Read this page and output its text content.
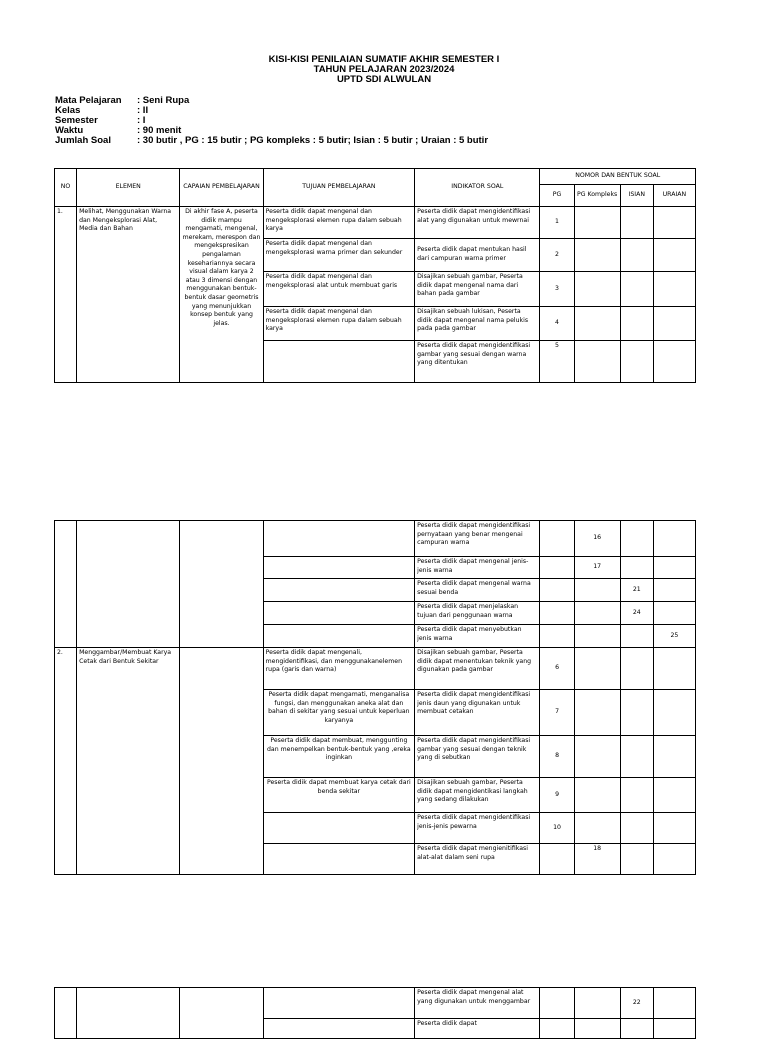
KISI-KISI PENILAIAN SUMATIF AKHIR SEMESTER I
TAHUN PELAJARAN 2023/2024
UPTD SDI ALWULAN
Mata Pelajaran	: Seni Rupa
Kelas	: II
Semester	: I
Waktu	: 90 menit
Jumlah Soal	: 30 butir , PG : 15 butir ; PG kompleks : 5 butir; Isian : 5 butir ; Uraian : 5 butir
NO	ELEMEN	CAPAIAN PEMBELAJARAN	TUJUAN PEMBELAJARAN	INDIKATOR SOAL	NOMOR DAN BENTUK SOAL			
					PG	PG Kompleks	ISIAN	URAIAN
1.	Melihat, Menggunakan Warna dan Mengeksplorasi Alat, Media dan Bahan	Di akhir fase A, peserta didik mampu mengamati, mengenal, merekam, merespon dan mengekspresikan pengalaman kesehariannya secara visual dalam karya 2 atau 3 dimensi dengan menggunakan bentuk-bentuk dasar geometris yang menunjukkan konsep bentuk yang jelas.	Peserta didik dapat mengenal dan mengeksplorasi elemen rupa dalam sebuah karya	Peserta didik dapat mengidentifikasi alat yang digunakan untuk mewrnai	1			
			Peserta didik dapat mengenal dan mengeksplorasi warna primer dan sekunder	Peserta didik dapat mentukan hasil dari campuran warna primer	2			
			Peserta didik dapat mengenal dan mengeksplorasi alat untuk membuat garis	Disajikan sebuah gambar, Peserta didik dapat mengenal nama dari bahan pada gambar	3			
			Peserta didik dapat mengenal dan mengeksplorasi elemen rupa dalam sebuah karya	Disajikan sebuah lukisan, Peserta didik dapat mengenal nama pelukis pada pada gambar	4			
				Peserta didik dapat mengidentifikasi gambar yang sesuai dengan warna yang ditentukan	5			
				Peserta didik dapat mengidentifikasi pernyataan yang benar mengenai campuran warna		16		
				Peserta didik dapat mengenal jenis-jenis warna		17		
				Peserta didik dapat mengenal warna sesuai benda			21	
				Peserta didik dapat menjelaskan tujuan dari penggunaan warna			24	
				Peserta didik dapat menyebutkan jenis warna				25
2.	Menggambar/Membuat Karya Cetak dari Bentuk Sekitar		Peserta didik dapat mengenali, mengidentifikasi, dan menggunakanelemen rupa (garis dan warna)	Disajikan sebuah gambar, Peserta didik dapat menentukan teknik yang digunakan pada gambar	6			
			Peserta didik dapat mengamati, menganalisa fungsi, dan menggunakan aneka alat dan bahan di sekitar yang sesuai untuk keperluan karyanya	Peserta didik dapat mengidentifikasi jenis daun yang digunakan untuk membuat cetakan	7			
			Peserta didik dapat membuat, menggunting dan menempelkan bentuk-bentuk yang ,ereka inginkan	Peserta didik dapat mengidentifikasi gambar yang sesuai dengan teknik yang di sebutkan	8			
			Peserta didik dapat membuat karya cetak dari benda sekitar	Disajikan sebuah gambar, Peserta didik dapat mengidentikasi langkah yang sedang dilakukan	9			
				Peserta didik dapat mengidentifikasi jenis-jenis pewarna	10			
				Peserta didik dapat mengienitifikasi alat-alat dalam seni rupa		18		
				Peserta didik dapat mengenal alat yang digunakan untuk menggambar			22	
				Peserta didik dapat				
